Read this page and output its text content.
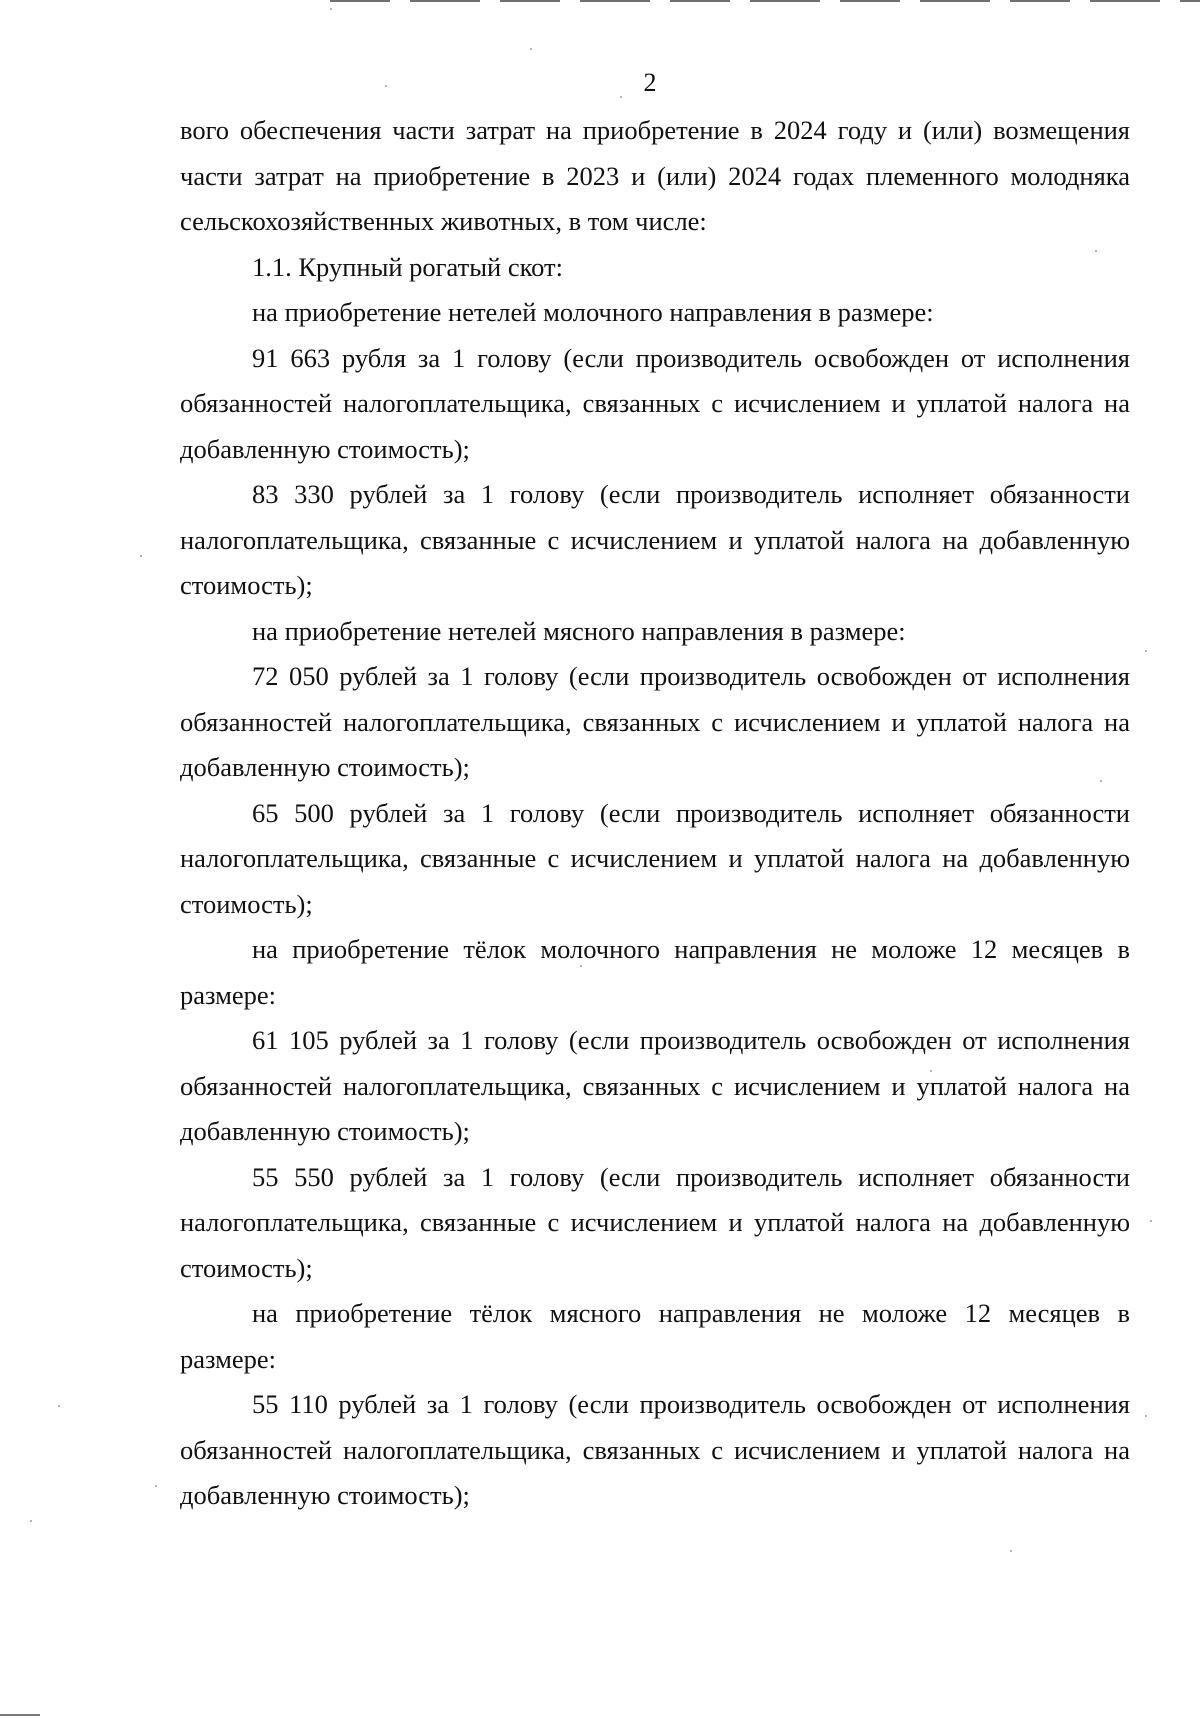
2

вого обеспечения части затрат на приобретение в 2024 году и (или) возмещения части затрат на приобретение в 2023 и (или) 2024 годах племенного молодняка сельскохозяйственных животных, в том числе:

1.1. Крупный рогатый скот:

на приобретение нетелей молочного направления в размере:

91 663 рубля за 1 голову (если производитель освобожден от исполнения обязанностей налогоплательщика, связанных с исчислением и уплатой налога на добавленную стоимость);

83 330 рублей за 1 голову (если производитель исполняет обязанности налогоплательщика, связанные с исчислением и уплатой налога на добавленную стоимость);

на приобретение нетелей мясного направления в размере:

72 050 рублей за 1 голову (если производитель освобожден от исполнения обязанностей налогоплательщика, связанных с исчислением и уплатой налога на добавленную стоимость);

65 500 рублей за 1 голову (если производитель исполняет обязанности налогоплательщика, связанные с исчислением и уплатой налога на добавленную стоимость);

на приобретение тёлок молочного направления не моложе 12 месяцев в размере:

61 105 рублей за 1 голову (если производитель освобожден от исполнения обязанностей налогоплательщика, связанных с исчислением и уплатой налога на добавленную стоимость);

55 550 рублей за 1 голову (если производитель исполняет обязанности налогоплательщика, связанные с исчислением и уплатой налога на добавленную стоимость);

на приобретение тёлок мясного направления не моложе 12 месяцев в размере:

55 110 рублей за 1 голову (если производитель освобожден от исполнения обязанностей налогоплательщика, связанных с исчислением и уплатой налога на добавленную стоимость);
